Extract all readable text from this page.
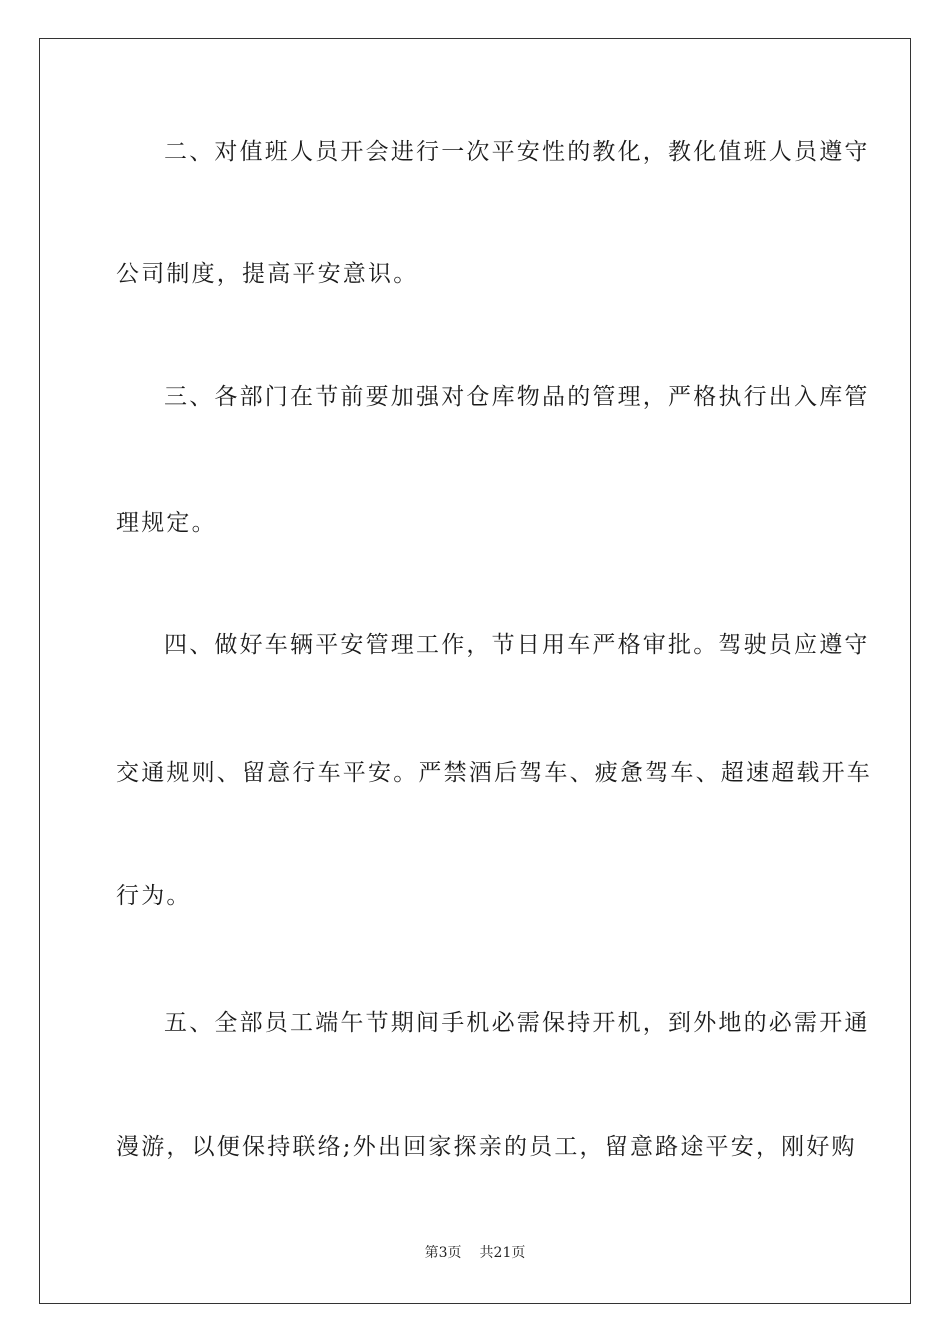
二、对值班人员开会进行一次平安性的教化，教化值班人员遵守
公司制度，提高平安意识。
三、各部门在节前要加强对仓库物品的管理，严格执行出入库管
理规定。
四、做好车辆平安管理工作，节日用车严格审批。驾驶员应遵守
交通规则、留意行车平安。严禁酒后驾车、疲惫驾车、超速超载开车
行为。
五、全部员工端午节期间手机必需保持开机，到外地的必需开通
漫游，以便保持联络;外出回家探亲的员工，留意路途平安，刚好购
第3页 共21页
